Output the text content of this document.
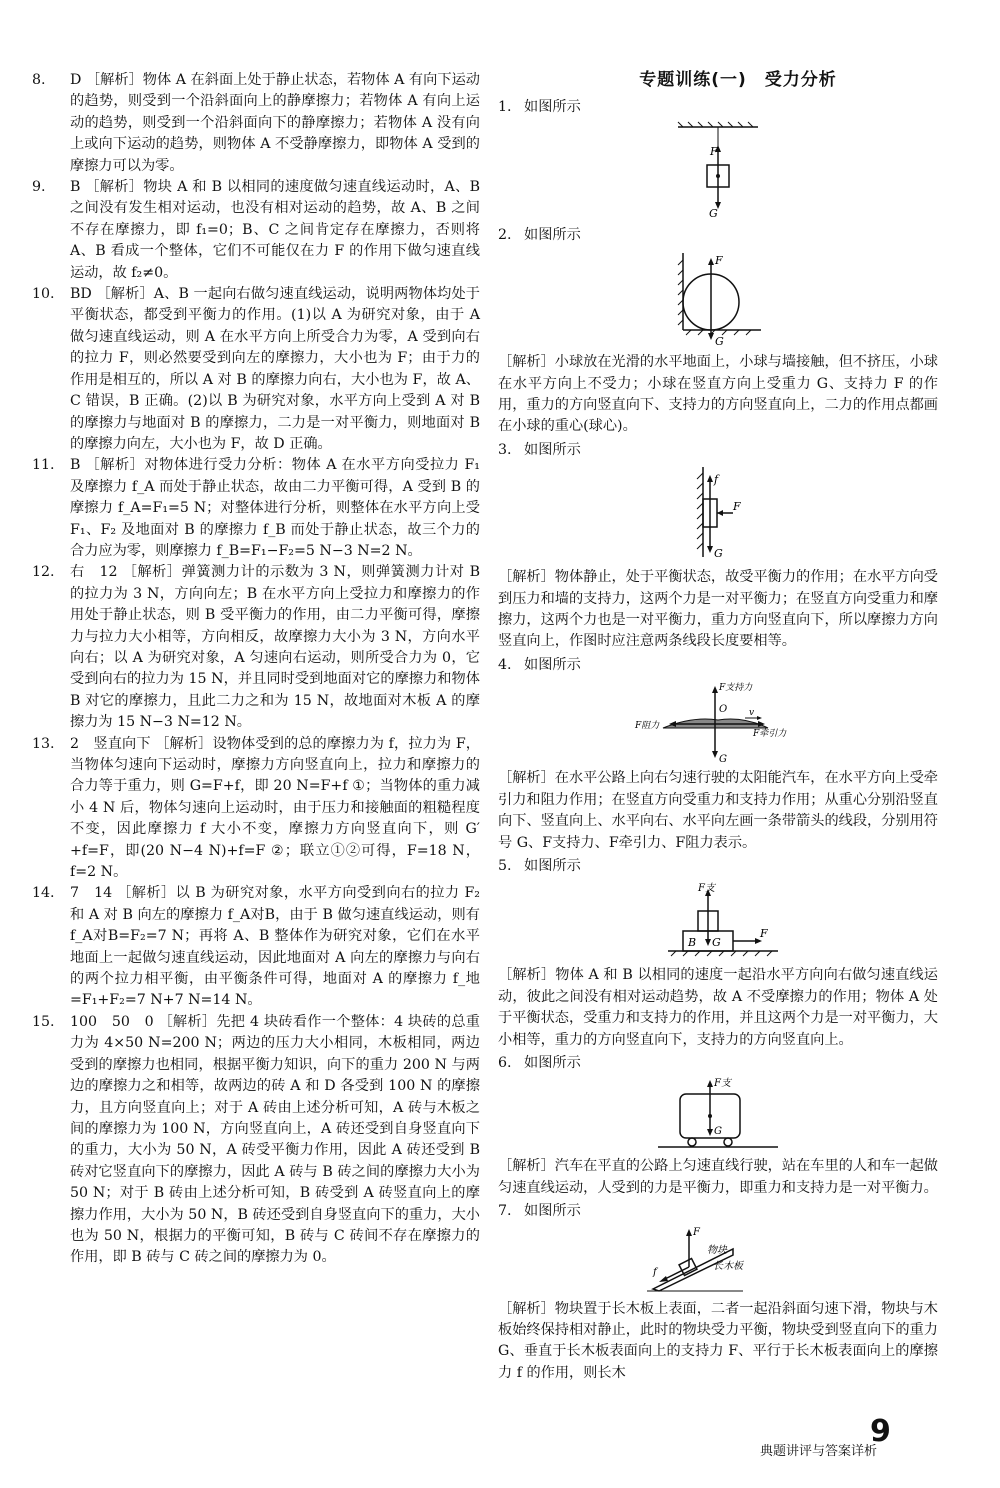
8. D ［解析］物体 A 在斜面上处于静止状态，若物体 A 有向下运动的趋势，则受到一个沿斜面向上的静摩擦力；若物体 A 有向上运动的趋势，则受到一个沿斜面向下的静摩擦力；若物体 A 没有向上或向下运动的趋势，则物体 A 不受静摩擦力，即物体 A 受到的摩擦力可以为零。
9. B ［解析］物块 A 和 B 以相同的速度做匀速直线运动时，A、B 之间没有发生相对运动，也没有相对运动的趋势，故 A、B 之间不存在摩擦力，即 f₁=0；B、C 之间肯定存在摩擦力，否则将 A、B 看成一个整体，它们不可能仅在力 F 的作用下做匀速直线运动，故 f₂≠0。
10. BD ［解析］A、B 一起向右做匀速直线运动，说明两物体均处于平衡状态，都受到平衡力的作用。(1)以 A 为研究对象，由于 A 做匀速直线运动，则 A 在水平方向上所受合力为零，A 受到向右的拉力 F，则必然要受到向左的摩擦力，大小也为 F；由于力的作用是相互的，所以 A 对 B 的摩擦力向右，大小也为 F，故 A、C 错误，B 正确。(2)以 B 为研究对象，水平方向上受到 A 对 B 的摩擦力与地面对 B 的摩擦力，二力是一对平衡力，则地面对 B 的摩擦力向左，大小也为 F，故 D 正确。
11. B ［解析］对物体进行受力分析：物体 A 在水平方向受拉力 F₁ 及摩擦力 f_A 而处于静止状态，故由二力平衡可得，A 受到 B 的摩擦力 f_A=F₁=5 N；对整体进行分析，则整体在水平方向上受 F₁、F₂ 及地面对 B 的摩擦力 f_B 而处于静止状态，故三个力的合力应为零，则摩擦力 f_B=F₁−F₂=5 N−3 N=2 N。
12. 右　12 ［解析］弹簧测力计的示数为 3 N，则弹簧测力计对 B 的拉力为 3 N，方向向左；B 在水平方向上受拉力和摩擦力的作用处于静止状态，则 B 受平衡力的作用，由二力平衡可得，摩擦力与拉力大小相等，方向相反，故摩擦力大小为 3 N，方向水平向右；以 A 为研究对象，A 匀速向右运动，则所受合力为 0，它受到向右的拉力为 15 N，并且同时受到地面对它的摩擦力和物体 B 对它的摩擦力，且此二力之和为 15 N，故地面对木板 A 的摩擦力为 15 N−3 N=12 N。
13. 2　竖直向下 ［解析］设物体受到的总的摩擦力为 f，拉力为 F，当物体匀速向下运动时，摩擦力方向竖直向上，拉力和摩擦力的合力等于重力，则 G=F+f，即 20 N=F+f ①；当物体的重力减小 4 N 后，物体匀速向上运动时，由于压力和接触面的粗糙程度不变，因此摩擦力 f 大小不变，摩擦力方向竖直向下，则 G′+f=F，即(20 N−4 N)+f=F ②；联立①②可得，F=18 N，f=2 N。
14. 7　14 ［解析］以 B 为研究对象，水平方向受到向右的拉力 F₂ 和 A 对 B 向左的摩擦力 f_A对B，由于 B 做匀速直线运动，则有 f_A对B=F₂=7 N；再将 A、B 整体作为研究对象，它们在水平地面上一起做匀速直线运动，因此地面对 A 向左的摩擦力与向右的两个拉力相平衡，由平衡条件可得，地面对 A 的摩擦力 f_地=F₁+F₂=7 N+7 N=14 N。
15. 100　50　0 ［解析］先把 4 块砖看作一个整体：4 块砖的总重力为 4×50 N=200 N；两边的压力大小相同，木板相同，两边受到的摩擦力也相同，根据平衡力知识，向下的重力 200 N 与两边的摩擦力之和相等，故两边的砖 A 和 D 各受到 100 N 的摩擦力，且方向竖直向上；对于 A 砖由上述分析可知，A 砖与木板之间的摩擦力为 100 N，方向竖直向上，A 砖还受到自身竖直向下的重力，大小为 50 N，A 砖受平衡力作用，因此 A 砖还受到 B 砖对它竖直向下的摩擦力，因此 A 砖与 B 砖之间的摩擦力大小为 50 N；对于 B 砖由上述分析可知，B 砖受到 A 砖竖直向上的摩擦力作用，大小为 50 N，B 砖还受到自身竖直向下的重力，大小也为 50 N，根据力的平衡可知，B 砖与 C 砖间不存在摩擦力的作用，即 B 砖与 C 砖之间的摩擦力为 0。
专题训练(一)　受力分析
1. 如图所示
F
G
2. 如图所示
F
G

［解析］小球放在光滑的水平地面上，小球与墙接触，但不挤压，小球在水平方向上不受力；小球在竖直方向上受重力 G、支持力 F 的作用，重力的方向竖直向下、支持力的方向竖直向上，二力的作用点都画在小球的重心(球心)。

3. 如图所示
f
F
G

［解析］物体静止，处于平衡状态，故受平衡力的作用；在水平方向受到压力和墙的支持力，这两个力是一对平衡力；在竖直方向受重力和摩擦力，这两个力也是一对平衡力，重力方向竖直向下，所以摩擦力方向竖直向上，作图时应注意两条线段长度要相等。

4. 如图所示
F支持力
O v
F牵引力
F阻力
G

［解析］在水平公路上向右匀速行驶的太阳能汽车，在水平方向上受牵引力和阻力作用；在竖直方向受重力和支持力作用；从重心分别沿竖直向下、竖直向上、水平向右、水平向左画一条带箭头的线段，分别用符号 G、F支持力、F牵引力、F阻力表示。

5. 如图所示
F支
B G
F

［解析］物体 A 和 B 以相同的速度一起沿水平方向向右做匀速直线运动，彼此之间没有相对运动趋势，故 A 不受摩擦力的作用；物体 A 处于平衡状态，受重力和支持力的作用，并且这两个力是一对平衡力，大小相等，重力的方向竖直向下，支持力的方向竖直向上。

6. 如图所示
F支
G

［解析］汽车在平直的公路上匀速直线行驶，站在车里的人和车一起做匀速直线运动，人受到的力是平衡力，即重力和支持力是一对平衡力。

7. 如图所示
F
f
物块
长木板

［解析］物块置于长木板上表面，二者一起沿斜面匀速下滑，物块与木板始终保持相对静止，此时的物块受力平衡，物块受到竖直向下的重力 G、垂直于长木板表面向上的支持力 F、平行于长木板表面向上的摩擦力 f 的作用，则长木

9
典题讲评与答案详析
